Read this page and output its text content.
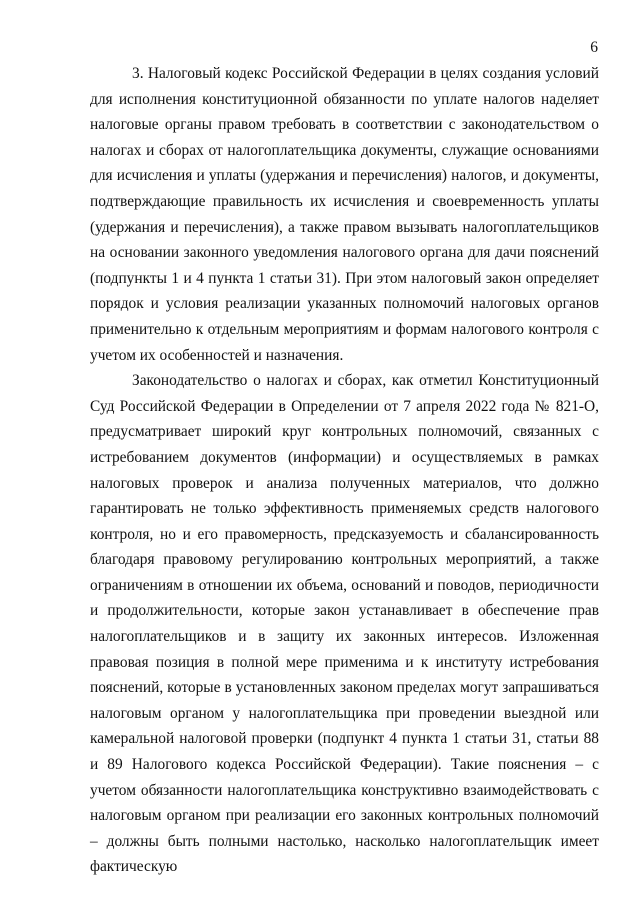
6

3. Налоговый кодекс Российской Федерации в целях создания условий для исполнения конституционной обязанности по уплате налогов наделяет налоговые органы правом требовать в соответствии с законодательством о налогах и сборах от налогоплательщика документы, служащие основаниями для исчисления и уплаты (удержания и перечисления) налогов, и документы, подтверждающие правильность их исчисления и своевременность уплаты (удержания и перечисления), а также правом вызывать налогоплательщиков на основании законного уведомления налогового органа для дачи пояснений (подпункты 1 и 4 пункта 1 статьи 31). При этом налоговый закон определяет порядок и условия реализации указанных полномочий налоговых органов применительно к отдельным мероприятиям и формам налогового контроля с учетом их особенностей и назначения.

Законодательство о налогах и сборах, как отметил Конституционный Суд Российской Федерации в Определении от 7 апреля 2022 года № 821-О, предусматривает широкий круг контрольных полномочий, связанных с истребованием документов (информации) и осуществляемых в рамках налоговых проверок и анализа полученных материалов, что должно гарантировать не только эффективность применяемых средств налогового контроля, но и его правомерность, предсказуемость и сбалансированность благодаря правовому регулированию контрольных мероприятий, а также ограничениям в отношении их объема, оснований и поводов, периодичности и продолжительности, которые закон устанавливает в обеспечение прав налогоплательщиков и в защиту их законных интересов. Изложенная правовая позиция в полной мере применима и к институту истребования пояснений, которые в установленных законом пределах могут запрашиваться налоговым органом у налогоплательщика при проведении выездной или камеральной налоговой проверки (подпункт 4 пункта 1 статьи 31, статьи 88 и 89 Налогового кодекса Российской Федерации). Такие пояснения – с учетом обязанности налогоплательщика конструктивно взаимодействовать с налоговым органом при реализации его законных контрольных полномочий – должны быть полными настолько, насколько налогоплательщик имеет фактическую
